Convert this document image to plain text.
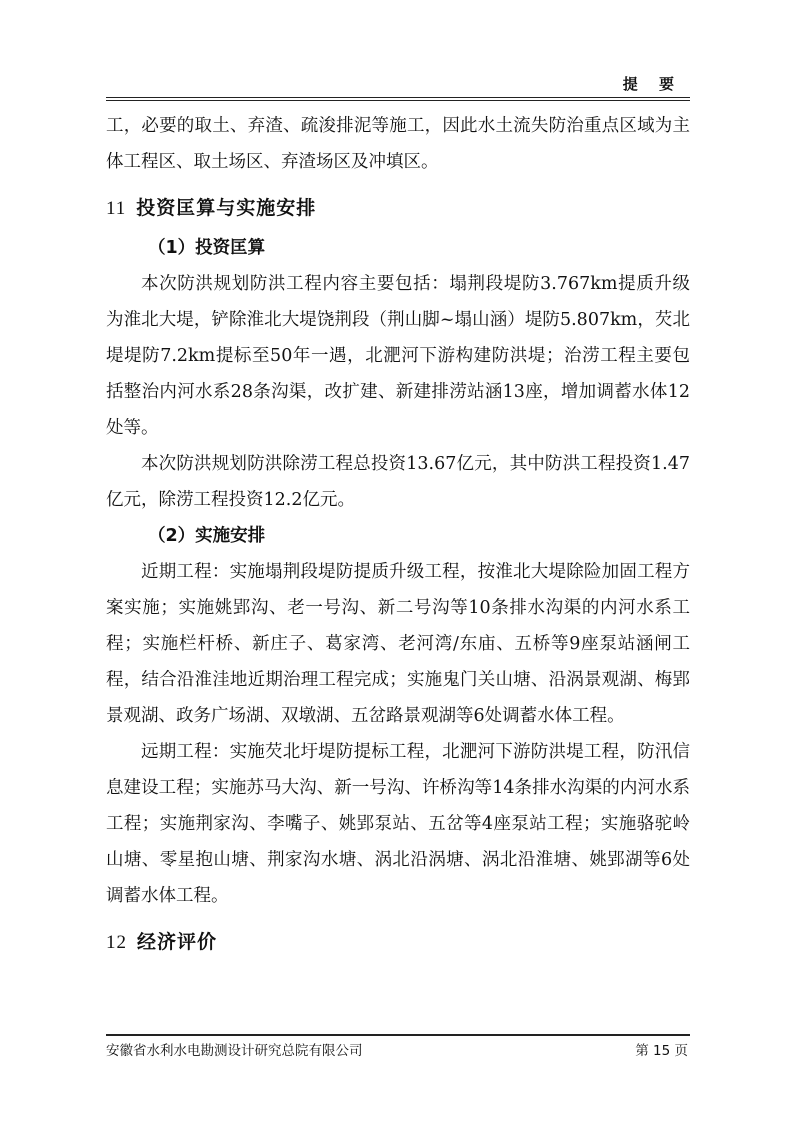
提 要

工，必要的取土、弃渣、疏浚排泥等施工，因此水土流失防治重点区域为主体工程区、取土场区、弃渣场区及冲填区。

11 投资匡算与实施安排
（1）投资匡算

本次防洪规划防洪工程内容主要包括：塌荆段堤防3.767km提质升级为淮北大堤，铲除淮北大堤饶荆段（荆山脚~塌山涵）堤防5.807km，芡北堤堤防7.2km提标至50年一遇，北淝河下游构建防洪堤；治涝工程主要包括整治内河水系28条沟渠，改扩建、新建排涝站涵13座，增加调蓄水体12处等。

本次防洪规划防洪除涝工程总投资13.67亿元，其中防洪工程投资1.47亿元，除涝工程投资12.2亿元。

（2）实施安排

近期工程：实施塌荆段堤防提质升级工程，按淮北大堤除险加固工程方案实施；实施姚郢沟、老一号沟、新二号沟等10条排水沟渠的内河水系工程；实施栏杆桥、新庄子、葛家湾、老河湾/东庙、五桥等9座泵站涵闸工程，结合沿淮洼地近期治理工程完成；实施鬼门关山塘、沿涡景观湖、梅郢景观湖、政务广场湖、双墩湖、五岔路景观湖等6处调蓄水体工程。

远期工程：实施芡北圩堤防提标工程，北淝河下游防洪堤工程，防汛信息建设工程；实施苏马大沟、新一号沟、许桥沟等14条排水沟渠的内河水系工程；实施荆家沟、李嘴子、姚郢泵站、五岔等4座泵站工程；实施骆驼岭山塘、零星抱山塘、荆家沟水塘、涡北沿涡塘、涡北沿淮塘、姚郢湖等6处调蓄水体工程。

12 经济评价
安徽省水利水电勘测设计研究总院有限公司	第 15 页
